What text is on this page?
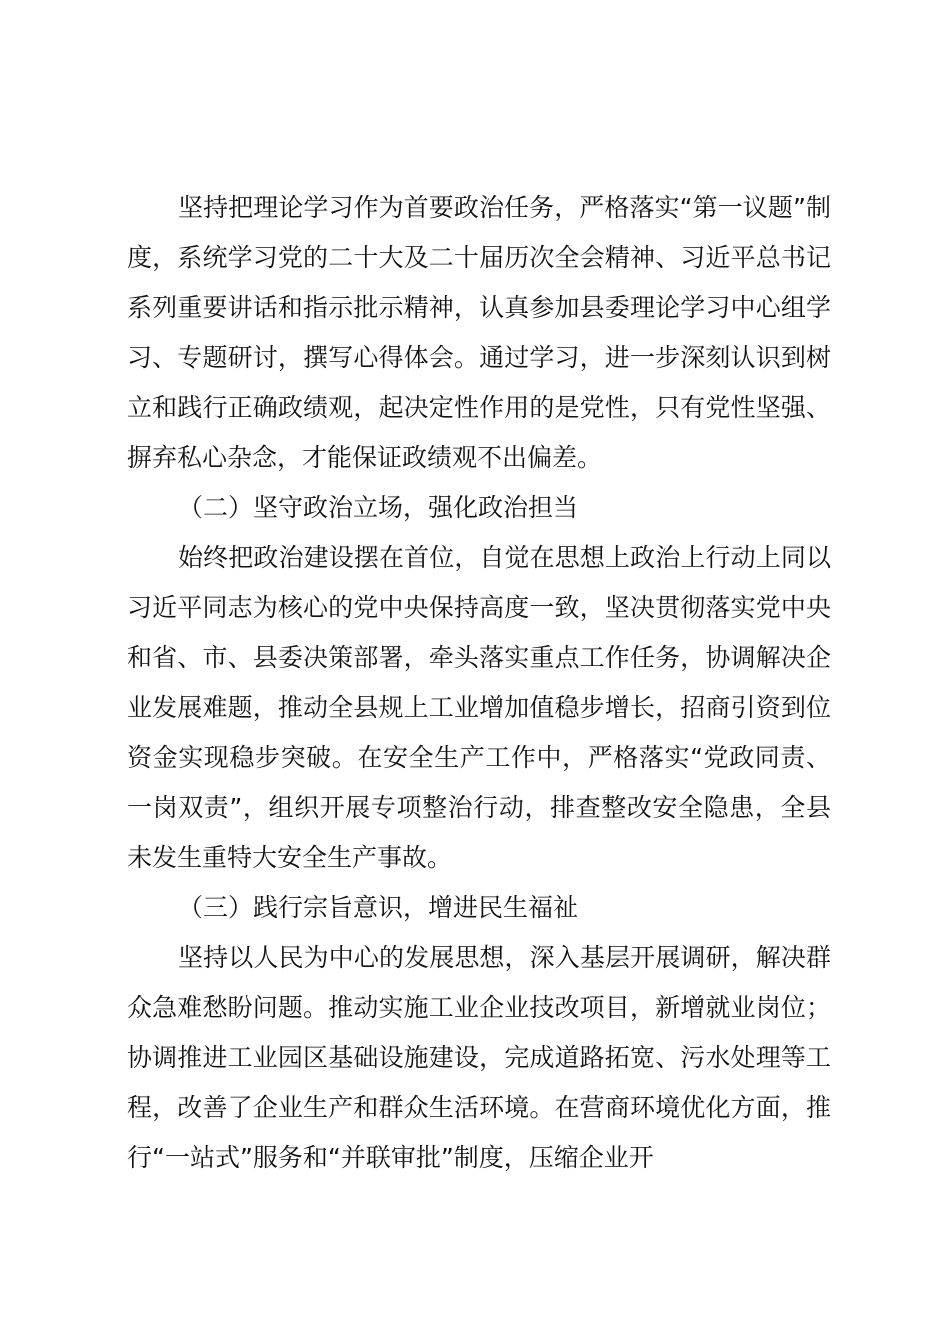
坚持把理论学习作为首要政治任务，严格落实“第一议题”制度，系统学习党的二十大及二十届历次全会精神、习近平总书记系列重要讲话和指示批示精神，认真参加县委理论学习中心组学习、专题研讨，撰写心得体会。通过学习，进一步深刻认识到树立和践行正确政绩观，起决定性作用的是党性，只有党性坚强、摒弃私心杂念，才能保证政绩观不出偏差。

（二）坚守政治立场，强化政治担当

始终把政治建设摆在首位，自觉在思想上政治上行动上同以习近平同志为核心的党中央保持高度一致，坚决贯彻落实党中央和省、市、县委决策部署，牵头落实重点工作任务，协调解决企业发展难题，推动全县规上工业增加值稳步增长，招商引资到位资金实现稳步突破。在安全生产工作中，严格落实“党政同责、一岗双责”，组织开展专项整治行动，排查整改安全隐患，全县未发生重特大安全生产事故。

（三）践行宗旨意识，增进民生福祉

坚持以人民为中心的发展思想，深入基层开展调研，解决群众急难愁盼问题。推动实施工业企业技改项目，新增就业岗位；协调推进工业园区基础设施建设，完成道路拓宽、污水处理等工程，改善了企业生产和群众生活环境。在营商环境优化方面，推行“一站式”服务和“并联审批”制度，压缩企业开
